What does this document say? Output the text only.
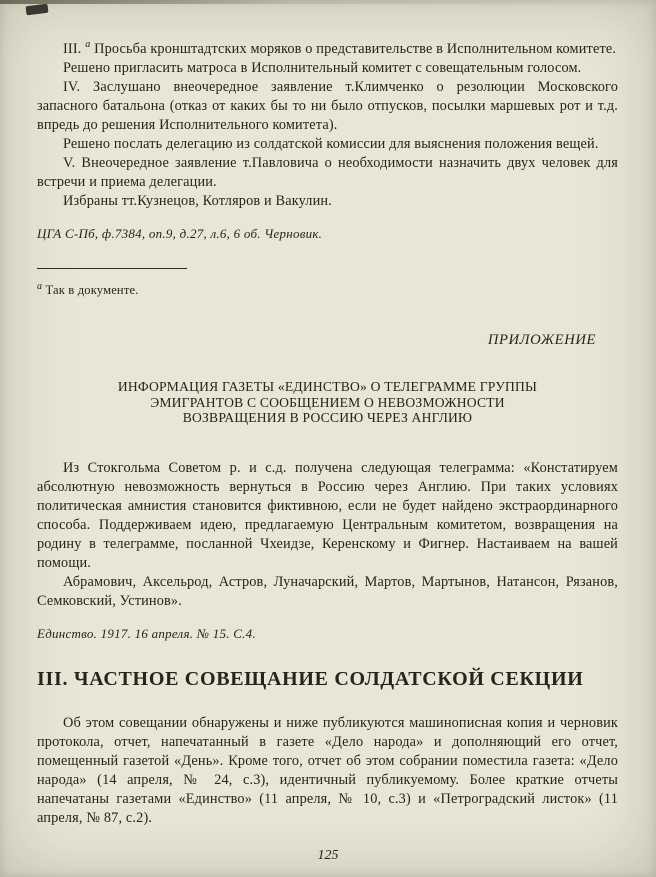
III. $^а$ Просьба кронштадтских моряков о представительстве в Исполнительном комитете.

Решено пригласить матроса в Исполнительный комитет с совещательным голосом.

IV. Заслушано внеочередное заявление т.Климченко о резолюции Московского запасного батальона (отказ от каких бы то ни было отпусков, посылки маршевых рот и т.д. впредь до решения Исполнительного комитета).

Решено послать делегацию из солдатской комиссии для выяснения положения вещей.

V. Внеочередное заявление т.Павловича о необходимости назначить двух человек для встречи и приема делегации.

Избраны тт.Кузнецов, Котляров и Вакулин.

ЦГА С-Пб, ф.7384, оп.9, д.27, л.6, 6 об. Черновик.

$^а$ Так в документе.

ПРИЛОЖЕНИЕ

ИНФОРМАЦИЯ ГАЗЕТЫ «ЕДИНСТВО» О ТЕЛЕГРАММЕ ГРУППЫ
ЭМИГРАНТОВ С СООБЩЕНИЕМ О НЕВОЗМОЖНОСТИ
ВОЗВРАЩЕНИЯ В РОССИЮ ЧЕРЕЗ АНГЛИЮ

Из Стокгольма Советом р. и с.д. получена следующая телеграмма: «Констатируем абсолютную невозможность вернуться в Россию через Англию. При таких условиях политическая амнистия становится фиктивною, если не будет найдено экстраординарного способа. Поддерживаем идею, предлагаемую Центральным комитетом, возвращения на родину в телеграмме, посланной Чхеидзе, Керенскому и Фигнер. Настаиваем на вашей помощи.

Абрамович, Аксельрод, Астров, Луначарский, Мартов, Мартынов, Натансон, Рязанов, Семковский, Устинов».

Единство. 1917. 16 апреля. № 15. С.4.

III. ЧАСТНОЕ СОВЕЩАНИЕ СОЛДАТСКОЙ СЕКЦИИ

Об этом совещании обнаружены и ниже публикуются машинописная копия и черновик протокола, отчет, напечатанный в газете «Дело народа» и дополняющий его отчет, помещенный газетой «День». Кроме того, отчет об этом собрании поместила газета: «Дело народа» (14 апреля, № 24, с.3), идентичный публикуемому. Более краткие отчеты напечатаны газетами «Единство» (11 апреля, № 10, с.3) и «Петроградский листок» (11 апреля, № 87, с.2).

125
